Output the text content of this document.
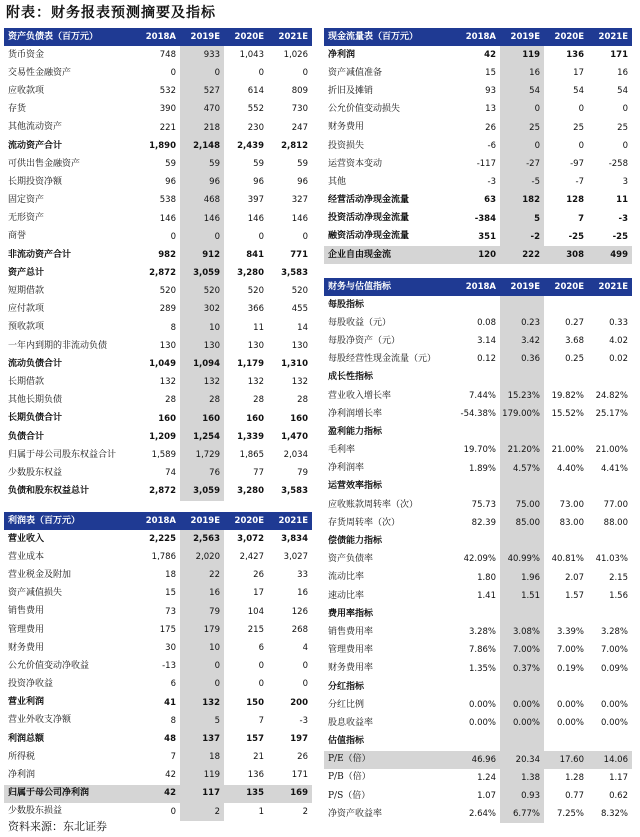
附表：财务报表预测摘要及指标
资产负债表（百万元）	2018A	2019E	2020E	2021E
货币资金	748	933	1,043	1,026
交易性金融资产	0	0	0	0
应收款项	532	527	614	809
存货	390	470	552	730
其他流动资产	221	218	230	247
流动资产合计	1,890	2,148	2,439	2,812
可供出售金融资产	59	59	59	59
长期投资净额	96	96	96	96
固定资产	538	468	397	327
无形资产	146	146	146	146
商誉	0	0	0	0
非流动资产合计	982	912	841	771
资产总计	2,872	3,059	3,280	3,583
短期借款	520	520	520	520
应付款项	289	302	366	455
预收款项	8	10	11	14
一年内到期的非流动负债	130	130	130	130
流动负债合计	1,049	1,094	1,179	1,310
长期借款	132	132	132	132
其他长期负债	28	28	28	28
长期负债合计	160	160	160	160
负债合计	1,209	1,254	1,339	1,470
归属于母公司股东权益合计	1,589	1,729	1,865	2,034
少数股东权益	74	76	77	79
负债和股东权益总计	2,872	3,059	3,280	3,583
利润表（百万元）	2018A	2019E	2020E	2021E
营业收入	2,225	2,563	3,072	3,834
营业成本	1,786	2,020	2,427	3,027
营业税金及附加	18	22	26	33
资产减值损失	15	16	17	16
销售费用	73	79	104	126
管理费用	175	179	215	268
财务费用	30	10	6	4
公允价值变动净收益	-13	0	0	0
投资净收益	6	0	0	0
营业利润	41	132	150	200
营业外收支净额	8	5	7	-3
利润总额	48	137	157	197
所得税	7	18	21	26
净利润	42	119	136	171
归属于母公司净利润	42	117	135	169
少数股东损益	0	2	1	2
现金流量表（百万元）	2018A	2019E	2020E	2021E
净利润	42	119	136	171
资产减值准备	15	16	17	16
折旧及摊销	93	54	54	54
公允价值变动损失	13	0	0	0
财务费用	26	25	25	25
投资损失	-6	0	0	0
运营资本变动	-117	-27	-97	-258
其他	-3	-5	-7	3
经营活动净现金流量	63	182	128	11
投资活动净现金流量	-384	5	7	-3
融资活动净现金流量	351	-2	-25	-25
企业自由现金流	120	222	308	499
财务与估值指标	2018A	2019E	2020E	2021E
每股指标
每股收益（元）	0.08	0.23	0.27	0.33
每股净资产（元）	3.14	3.42	3.68	4.02
每股经营性现金流量（元）	0.12	0.36	0.25	0.02
成长性指标
营业收入增长率	7.44%	15.23%	19.82%	24.82%
净利润增长率	-54.38% 179.00%	15.52%	25.17%
盈利能力指标
毛利率	19.70%	21.20%	21.00%	21.00%
净利润率	1.89%	4.57%	4.40%	4.41%
运营效率指标
应收账款周转率（次）	75.73	75.00	73.00	77.00
存货周转率（次）	82.39	85.00	83.00	88.00
偿债能力指标
资产负债率	42.09%	40.99%	40.81%	41.03%
流动比率	1.80	1.96	2.07	2.15
速动比率	1.41	1.51	1.57	1.56
费用率指标
销售费用率	3.28%	3.08%	3.39%	3.28%
管理费用率	7.86%	7.00%	7.00%	7.00%
财务费用率	1.35%	0.37%	0.19%	0.09%
分红指标
分红比例	0.00%	0.00%	0.00%	0.00%
股息收益率	0.00%	0.00%	0.00%	0.00%
估值指标
P/E（倍）	46.96	20.34	17.60	14.06
P/B（倍）	1.24	1.38	1.28	1.17
P/S（倍）	1.07	0.93	0.77	0.62
净资产收益率	2.64%	6.77%	7.25%	8.32%
资料来源：东北证券
